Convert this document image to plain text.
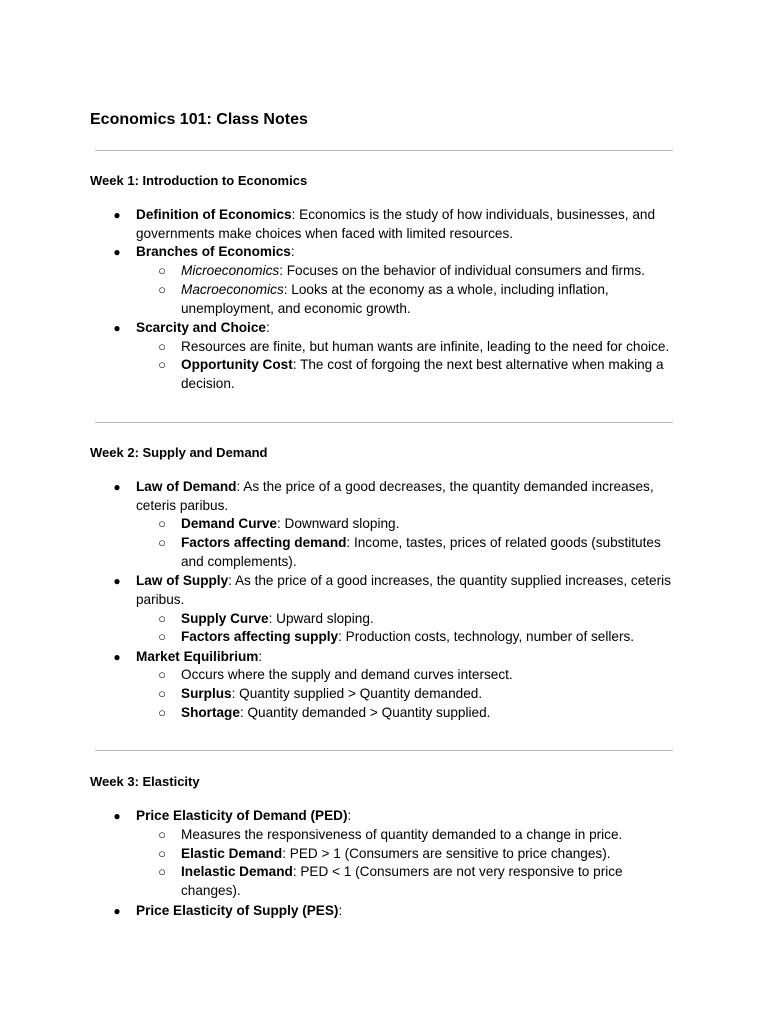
Economics 101: Class Notes
Week 1: Introduction to Economics
● Definition of Economics: Economics is the study of how individuals, businesses, and governments make choices when faced with limited resources.
● Branches of Economics:
○ Microeconomics: Focuses on the behavior of individual consumers and firms.
○ Macroeconomics: Looks at the economy as a whole, including inflation, unemployment, and economic growth.
● Scarcity and Choice:
○ Resources are finite, but human wants are infinite, leading to the need for choice.
○ Opportunity Cost: The cost of forgoing the next best alternative when making a decision.
Week 2: Supply and Demand
● Law of Demand: As the price of a good decreases, the quantity demanded increases, ceteris paribus.
○ Demand Curve: Downward sloping.
○ Factors affecting demand: Income, tastes, prices of related goods (substitutes and complements).
● Law of Supply: As the price of a good increases, the quantity supplied increases, ceteris paribus.
○ Supply Curve: Upward sloping.
○ Factors affecting supply: Production costs, technology, number of sellers.
● Market Equilibrium:
○ Occurs where the supply and demand curves intersect.
○ Surplus: Quantity supplied > Quantity demanded.
○ Shortage: Quantity demanded > Quantity supplied.
Week 3: Elasticity
● Price Elasticity of Demand (PED):
○ Measures the responsiveness of quantity demanded to a change in price.
○ Elastic Demand: PED > 1 (Consumers are sensitive to price changes).
○ Inelastic Demand: PED < 1 (Consumers are not very responsive to price changes).
● Price Elasticity of Supply (PES):
